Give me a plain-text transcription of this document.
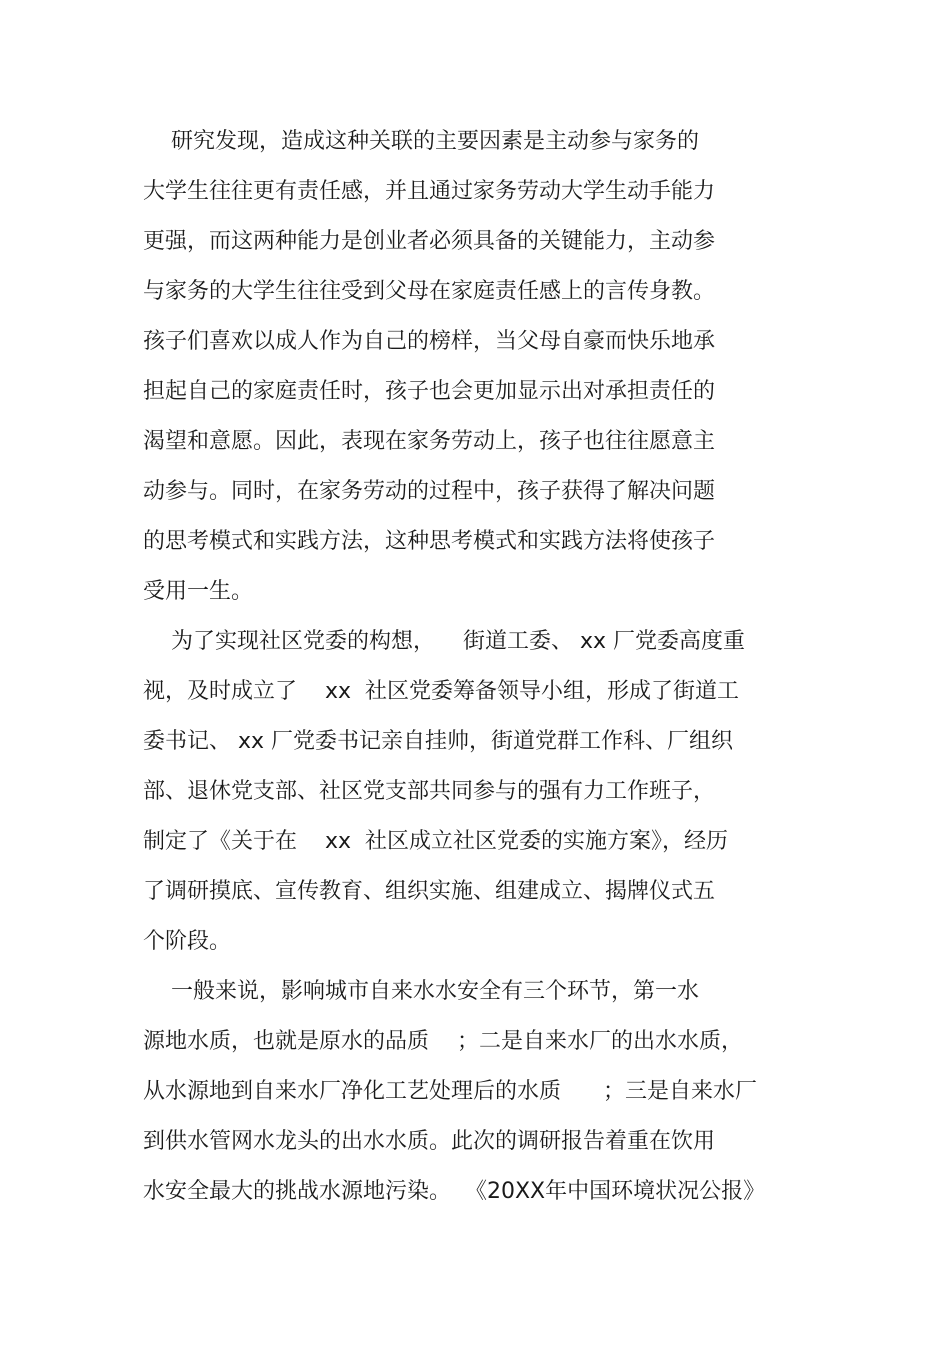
研究发现，造成这种关联的主要因素是主动参与家务的
大学生往往更有责任感，并且通过家务劳动大学生动手能力
更强，而这两种能力是创业者必须具备的关键能力，主动参
与家务的大学生往往受到父母在家庭责任感上的言传身教。
孩子们喜欢以成人作为自己的榜样，当父母自豪而快乐地承
担起自己的家庭责任时，孩子也会更加显示出对承担责任的
渴望和意愿。因此，表现在家务劳动上，孩子也往往愿意主
动参与。同时，在家务劳动的过程中，孩子获得了解决问题
的思考模式和实践方法，这种思考模式和实践方法将使孩子
受用一生。
为了实现社区党委的构想，    街道工委、 xx 厂党委高度重
视，及时成立了    xx  社区党委筹备领导小组，形成了街道工
委书记、 xx 厂党委书记亲自挂帅，街道党群工作科、厂组织
部、退休党支部、社区党支部共同参与的强有力工作班子，
制定了《关于在    xx  社区成立社区党委的实施方案》，经历
了调研摸底、宣传教育、组织实施、组建成立、揭牌仪式五
个阶段。
一般来说，影响城市自来水水安全有三个环节，第一水
源地水质，也就是原水的品质    ；二是自来水厂的出水水质，
从水源地到自来水厂净化工艺处理后的水质      ；三是自来水厂
到供水管网水龙头的出水水质。此次的调研报告着重在饮用
水安全最大的挑战水源地污染。  《20XX年中国环境状况公报》
